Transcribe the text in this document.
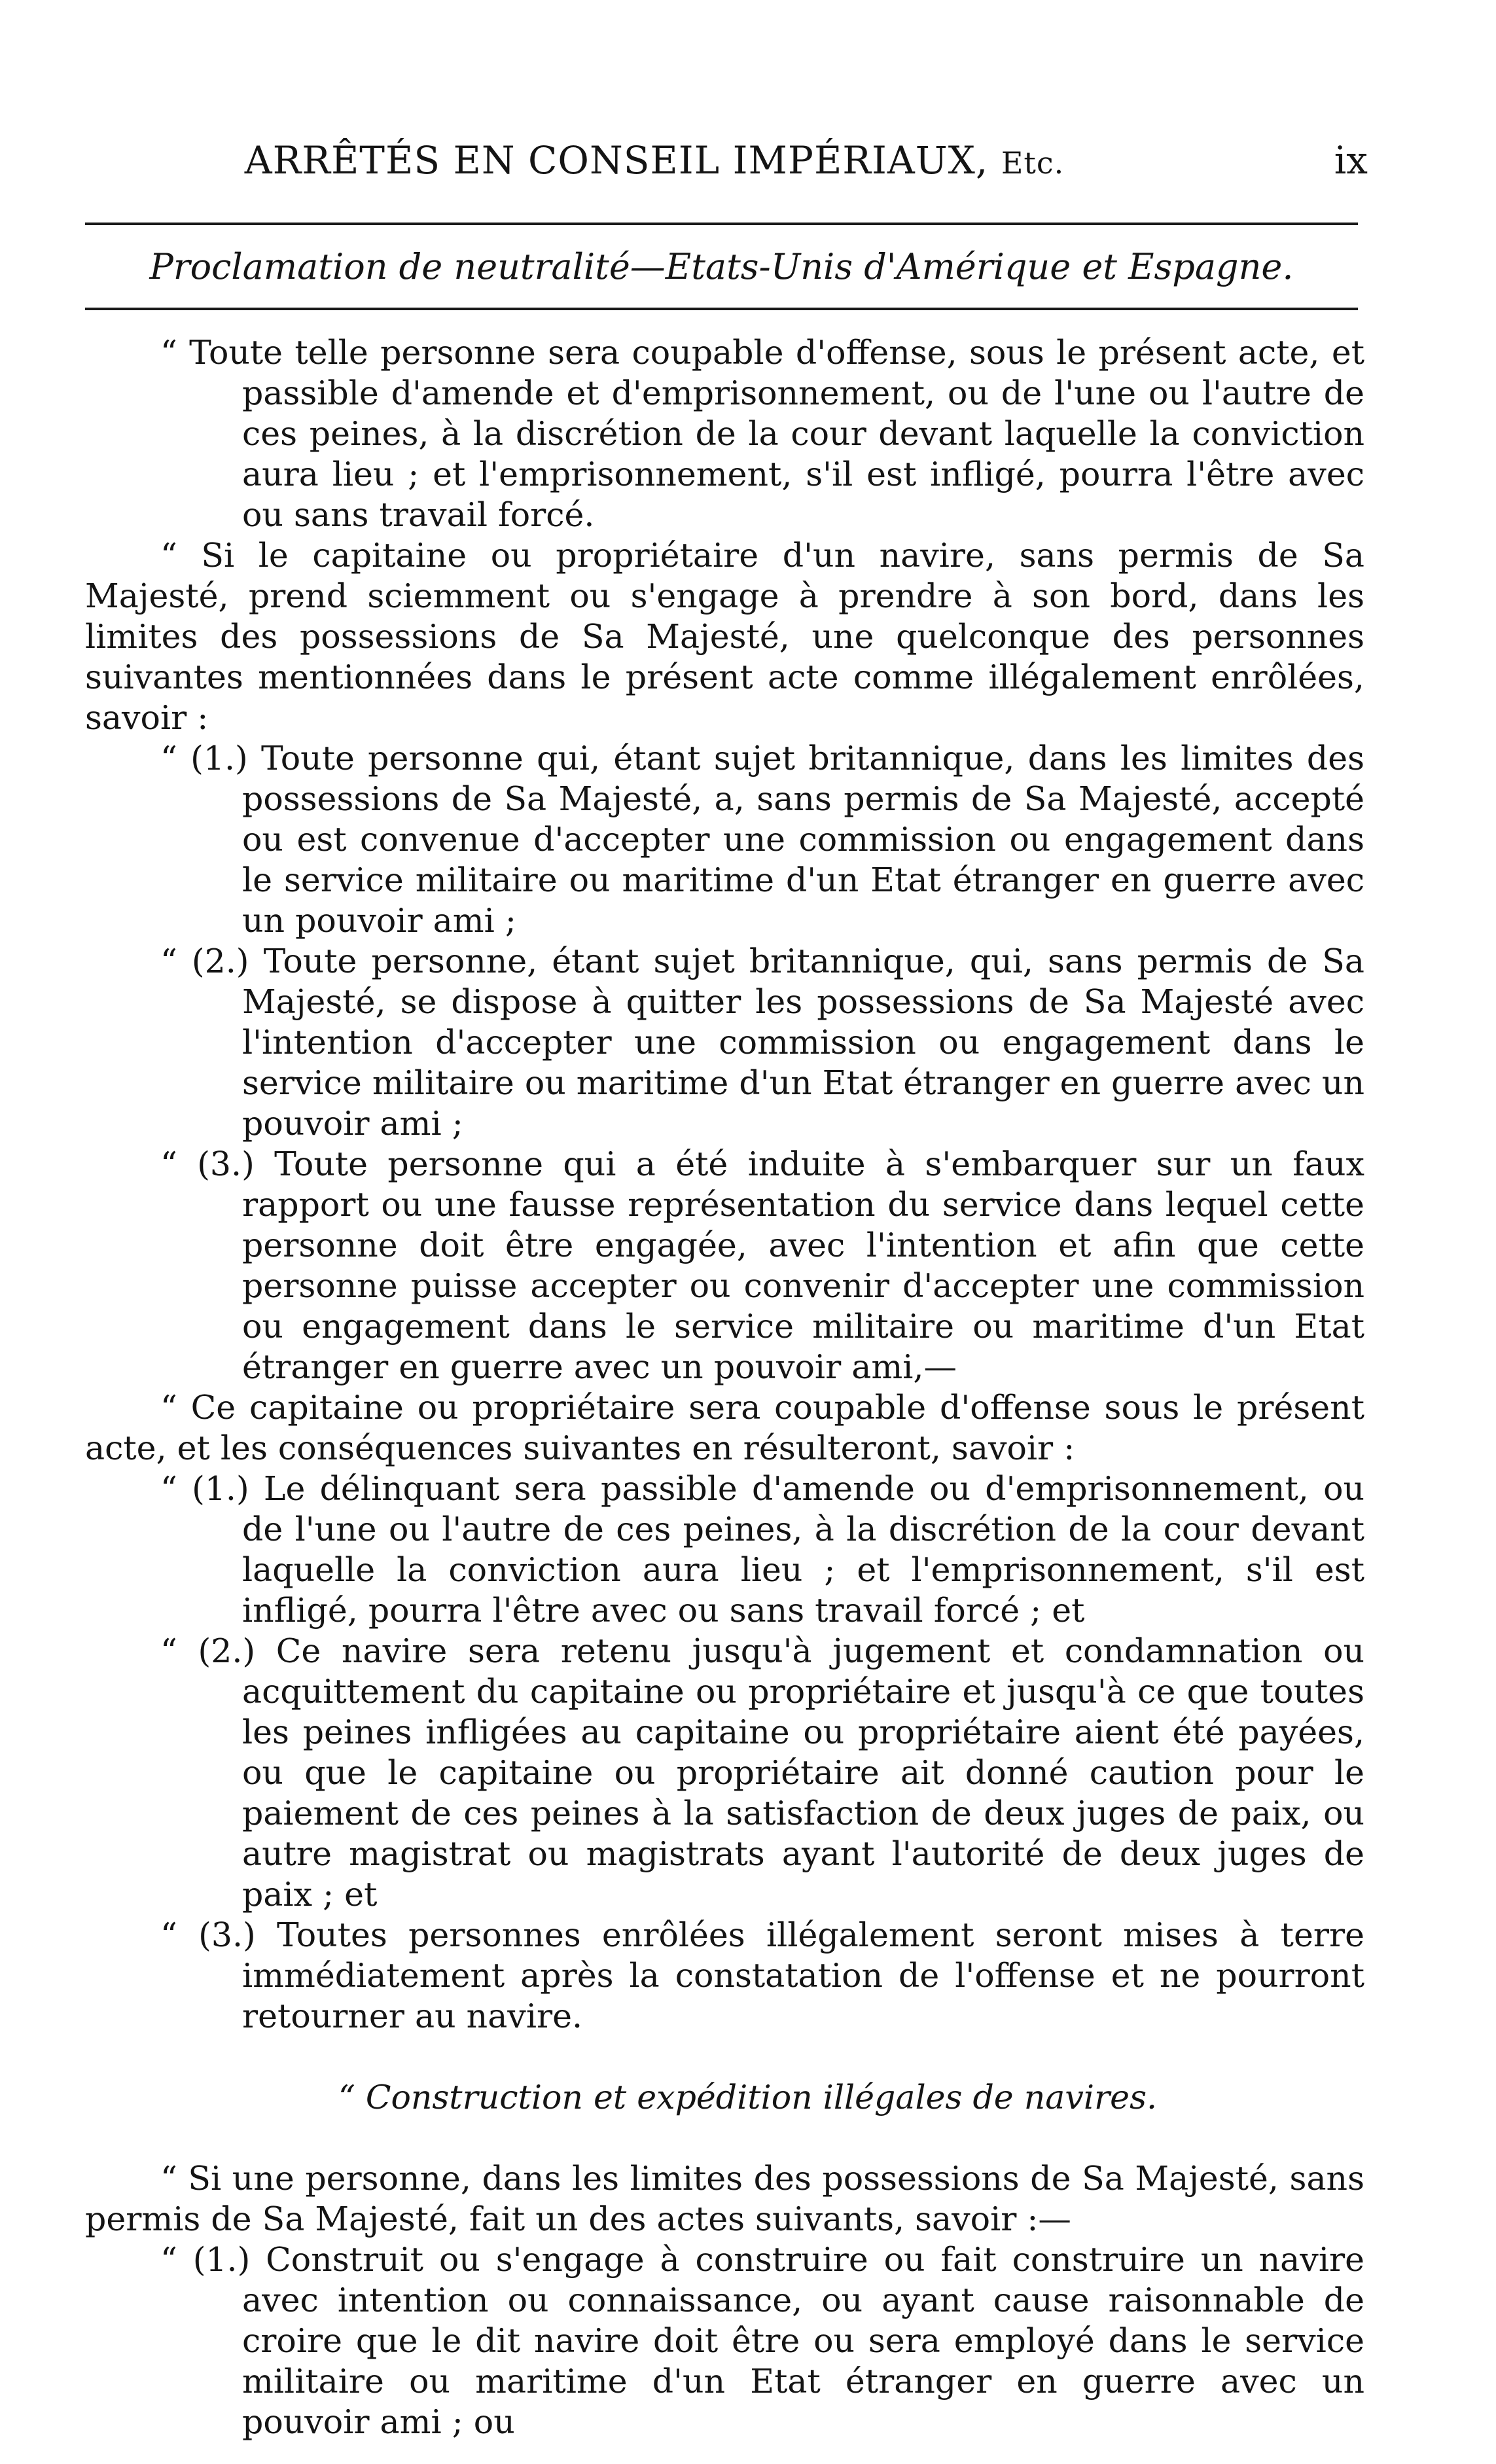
ARRÊTÉS EN CONSEIL IMPÉRIAUX, Etc.	ix
Proclamation de neutralité—Etats-Unis d'Amérique et Espagne.
“ Toute telle personne sera coupable d'offense, sous le présent acte, et passible d'amende et d'emprisonnement, ou de l'une ou l'autre de ces peines, à la discrétion de la cour devant laquelle la conviction aura lieu ; et l'emprisonnement, s'il est infligé, pourra l'être avec ou sans travail forcé.
“ Si le capitaine ou propriétaire d'un navire, sans permis de Sa Majesté, prend sciemment ou s'engage à prendre à son bord, dans les limites des possessions de Sa Majesté, une quelconque des personnes suivantes mentionnées dans le présent acte comme illégalement enrôlées, savoir :
“ (1.) Toute personne qui, étant sujet britannique, dans les limites des possessions de Sa Majesté, a, sans permis de Sa Majesté, accepté ou est convenue d'accepter une commission ou engagement dans le service militaire ou maritime d'un Etat étranger en guerre avec un pouvoir ami ;
“ (2.) Toute personne, étant sujet britannique, qui, sans permis de Sa Majesté, se dispose à quitter les possessions de Sa Majesté avec l'intention d'accepter une commission ou engagement dans le service militaire ou maritime d'un Etat étranger en guerre avec un pouvoir ami ;
“ (3.) Toute personne qui a été induite à s'embarquer sur un faux rapport ou une fausse représentation du service dans lequel cette personne doit être engagée, avec l'intention et afin que cette personne puisse accepter ou convenir d'accepter une commission ou engagement dans le service militaire ou maritime d'un Etat étranger en guerre avec un pouvoir ami,—
“ Ce capitaine ou propriétaire sera coupable d'offense sous le présent acte, et les conséquences suivantes en résulteront, savoir :
“ (1.) Le délinquant sera passible d'amende ou d'emprisonnement, ou de l'une ou l'autre de ces peines, à la discrétion de la cour devant laquelle la conviction aura lieu ; et l'emprisonnement, s'il est infligé, pourra l'être avec ou sans travail forcé ; et
“ (2.) Ce navire sera retenu jusqu'à jugement et condamnation ou acquittement du capitaine ou propriétaire et jusqu'à ce que toutes les peines infligées au capitaine ou propriétaire aient été payées, ou que le capitaine ou propriétaire ait donné caution pour le paiement de ces peines à la satisfaction de deux juges de paix, ou autre magistrat ou magistrats ayant l'autorité de deux juges de paix ; et
“ (3.) Toutes personnes enrôlées illégalement seront mises à terre immédiatement après la constatation de l'offense et ne pourront retourner au navire.
“ Construction et expédition illégales de navires.
“ Si une personne, dans les limites des possessions de Sa Majesté, sans permis de Sa Majesté, fait un des actes suivants, savoir :—
“ (1.) Construit ou s'engage à construire ou fait construire un navire avec intention ou connaissance, ou ayant cause raisonnable de croire que le dit navire doit être ou sera employé dans le service militaire ou maritime d'un Etat étranger en guerre avec un pouvoir ami ; ou
